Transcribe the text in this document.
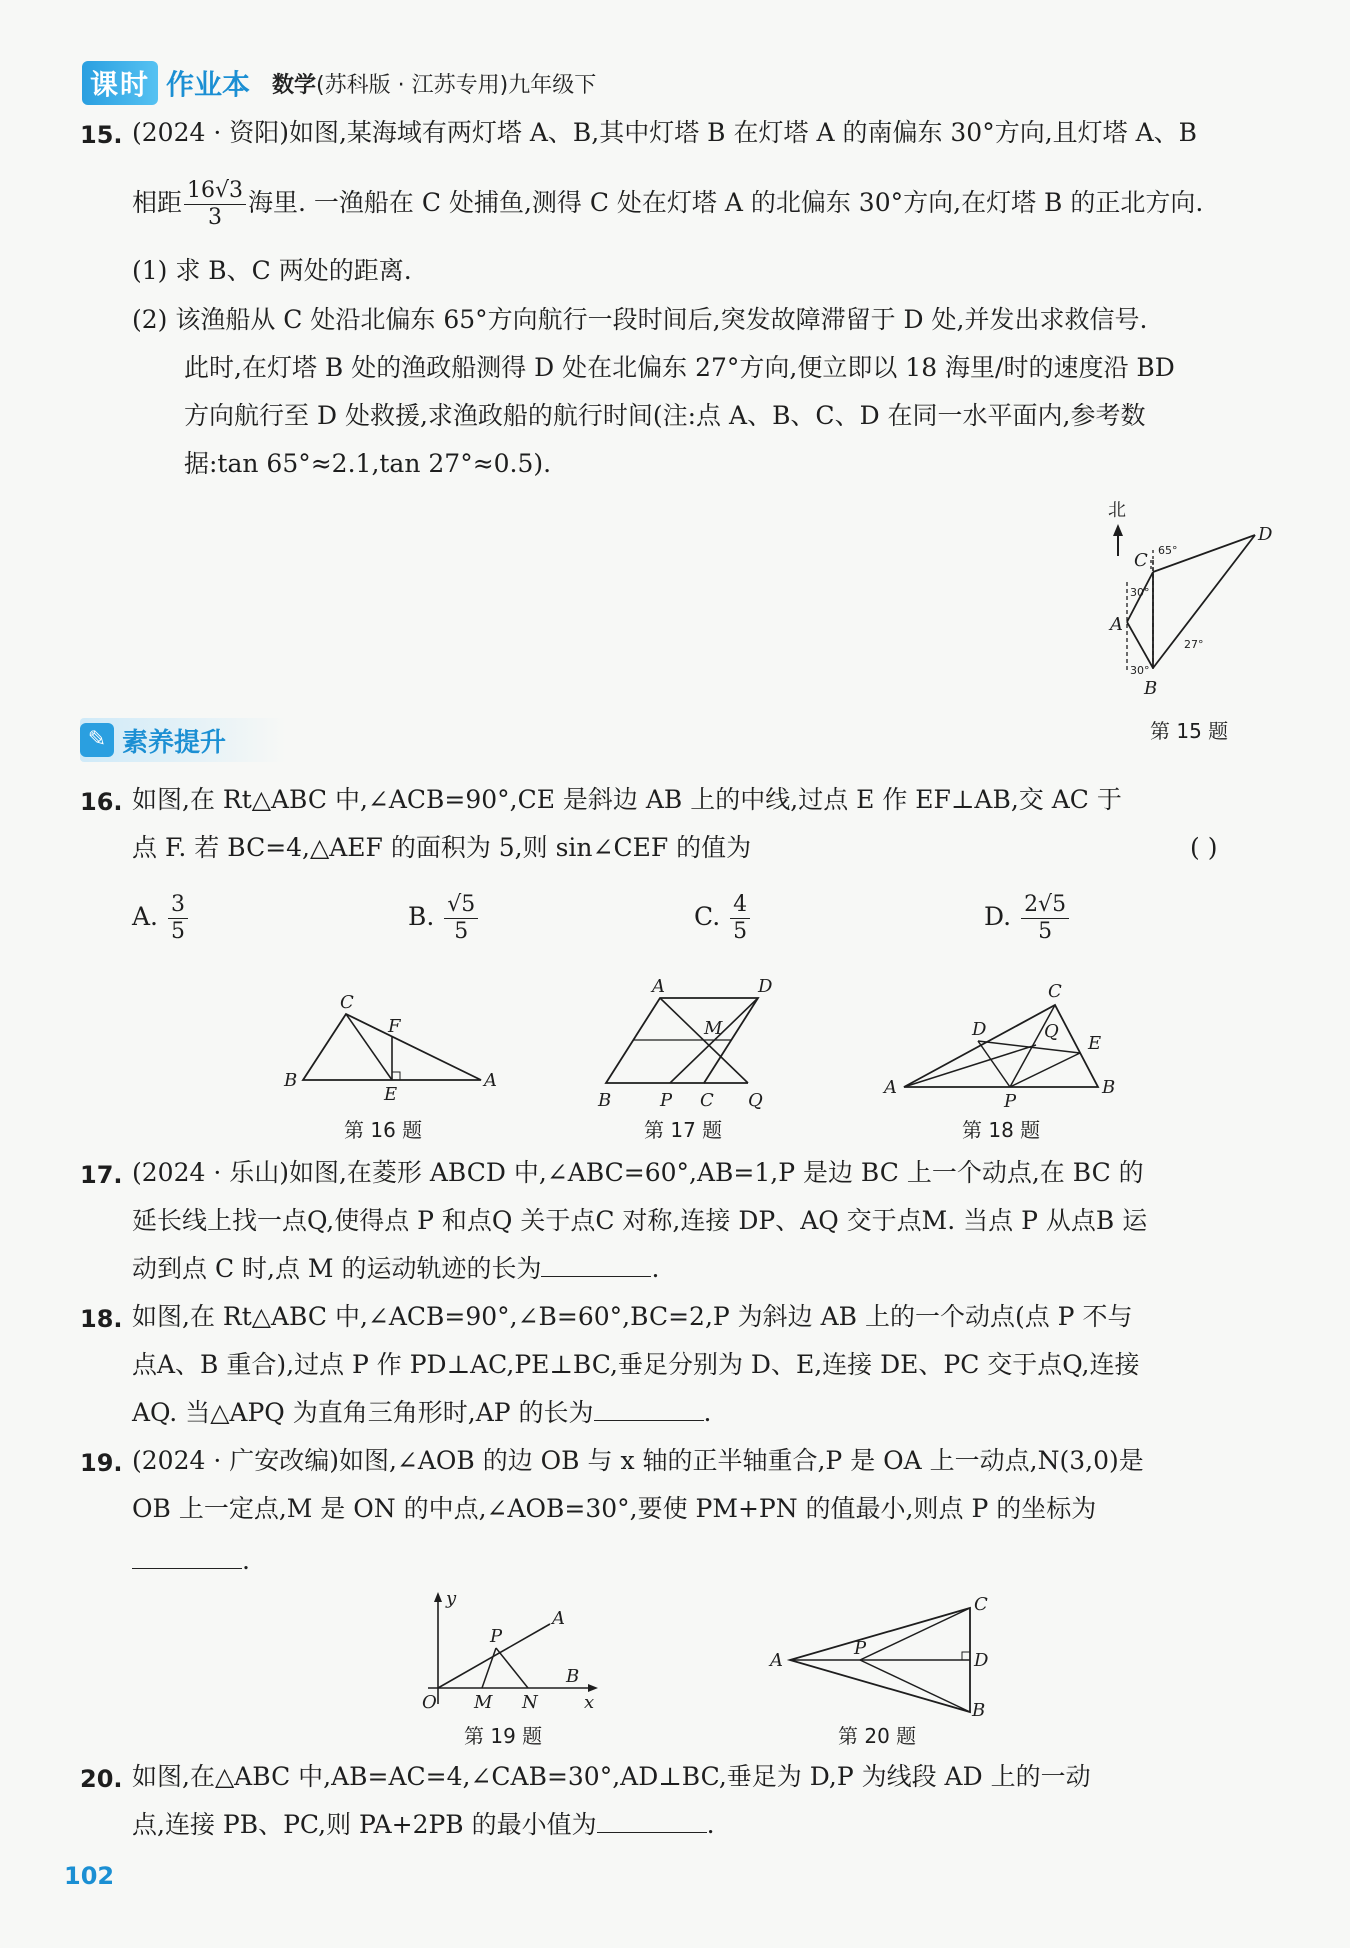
课时 作业本 数学(苏科版 · 江苏专用)九年级下
15. (2024 · 资阳)如图,某海域有两灯塔 A、B,其中灯塔 B 在灯塔 A 的南偏东 30°方向,且灯塔 A、B
相距 $\frac{16√3}{3}$ 海里. 一渔船在 C 处捕鱼,测得 C 处在灯塔 A 的北偏东 30°方向,在灯塔 B 的正北方向.
(1) 求 B、C 两处的距离.
(2) 该渔船从 C 处沿北偏东 65°方向航行一段时间后,突发故障滞留于 D 处,并发出求救信号.
此时,在灯塔 B 处的渔政船测得 D 处在北偏东 27°方向,便立即以 18 海里/时的速度沿 BD
方向航行至 D 处救援,求渔政船的航行时间(注:点 A、B、C、D 在同一水平面内,参考数
据:tan 65°≈2.1,tan 27°≈0.5).
北
C
D
A
B
65°
30°
30°
27°
第 15 题
✎ 素养提升
16. 如图,在 Rt△ABC 中,∠ACB=90°,CE 是斜边 AB 上的中线,过点 E 作 EF⊥AB,交 AC 于
点 F. 若 BC=4,△AEF 的面积为 5,则 sin∠CEF 的值为	( )
A. $\frac{3}{5}$	B. $\frac{√5}{5}$	C. $\frac{4}{5}$	D. $\frac{2√5}{5}$
C
F
B
E
A
第 16 题
A	D
M
B	P C Q
第 17 题
C
D	Q
E
A
P
B
第 18 题
17. (2024 · 乐山)如图,在菱形 ABCD 中,∠ABC=60°,AB=1,P 是边 BC 上一个动点,在 BC 的
延长线上找一点Q,使得点 P 和点Q 关于点C 对称,连接 DP、AQ 交于点M. 当点 P 从点B 运
动到点 C 时,点 M 的运动轨迹的长为	.
18. 如图,在 Rt△ABC 中,∠ACB=90°,∠B=60°,BC=2,P 为斜边 AB 上的一个动点(点 P 不与
点A、B 重合),过点 P 作 PD⊥AC,PE⊥BC,垂足分别为 D、E,连接 DE、PC 交于点Q,连接
AQ. 当△APQ 为直角三角形时,AP 的长为	.
19. (2024 · 广安改编)如图,∠AOB 的边 OB 与 x 轴的正半轴重合,P 是 OA 上一动点,N(3,0)是
OB 上一定点,M 是 ON 的中点,∠AOB=30°,要使 PM+PN 的值最小,则点 P 的坐标为
.
y
P
A
B
O M N	x
第 19 题
C
A
P
D
B
第 20 题
20. 如图,在△ABC 中,AB=AC=4,∠CAB=30°,AD⊥BC,垂足为 D,P 为线段 AD 上的一动
点,连接 PB、PC,则 PA+2PB 的最小值为	.
102
